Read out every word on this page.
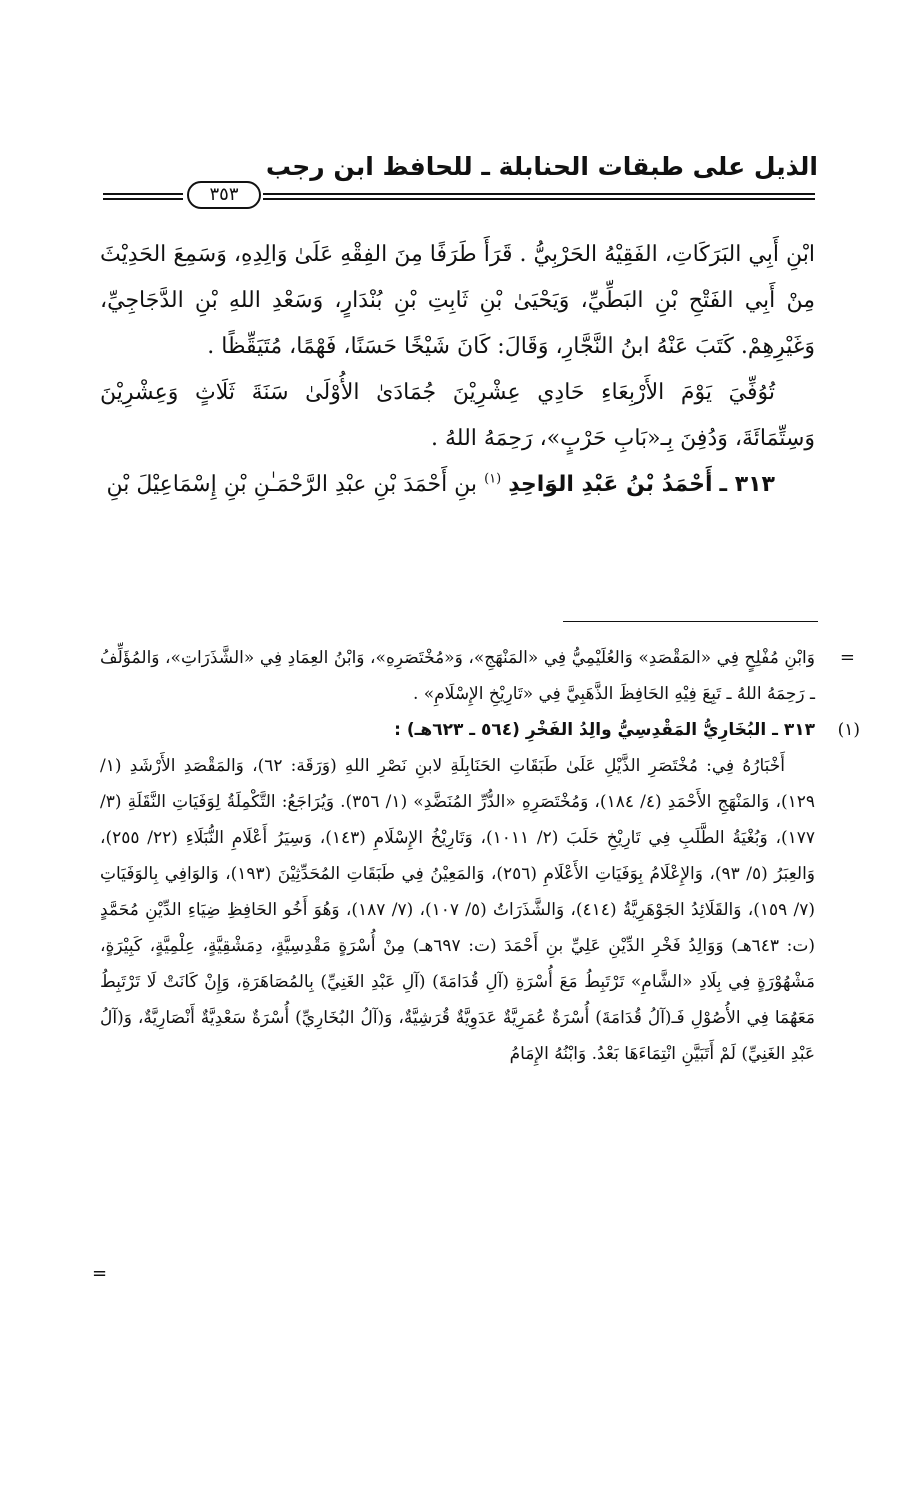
الذيل على طبقات الحنابلة ـ للحافظ ابن رجب
٣٥٣

ابْنِ أَبِي البَرَكَاتِ، الفَقِيْهُ الحَرْبِيُّ . قَرَأَ طَرَفًا مِنَ الفِقْهِ عَلَىٰ وَالِدِهِ، وَسَمِعَ الحَدِيْثَ مِنْ أَبِي الفَتْحِ بْنِ البَطِّيِّ، وَيَحْيَىٰ بْنِ ثَابِتِ بْنِ بُنْدَارٍ، وَسَعْدِ اللهِ بْنِ الدَّجَاجِيِّ، وَغَيْرِهِمْ. كَتَبَ عَنْهُ ابنُ النَّجَّارِ، وَقَالَ: كَانَ شَيْخًا حَسَنًا، فَهْمًا، مُتَيَقِّظًا .

تُوُفِّيَ يَوْمَ الأَرْبِعَاءِ حَادِي عِشْرِيْنَ جُمَادَىٰ الأُوْلَىٰ سَنَةَ ثَلَاثٍ وَعِشْرِيْنَ وَسِتِّمَائَةَ، وَدُفِنَ بِـ«بَابِ حَرْبٍ»، رَحِمَهُ اللهُ .

٣١٣ ـ أَحْمَدُ بْنُ عَبْدِ الوَاحِدِ $^{(١)}$ بنِ أَحْمَدَ بْنِ عبْدِ الرَّحْمَـٰنِ بْنِ إِسْمَاعِيْلَ بْنِ

=

وَابْنِ مُفْلِحٍ فِي «المَقْصَدِ» وَالعُلَيْمِيُّ فِي «المَنْهَجِ»، وَ«مُخْتَصَرِهِ»، وَابْنُ العِمَادِ فِي «الشَّذَرَاتِ»، وَالمُؤَلِّفُ ـ رَحِمَهُ اللهُ ـ تَبِعَ فِيْهِ الحَافِظَ الذَّهَبِيَّ فِي «تَارِيْخِ الإِسْلَامِ» .

(١)

٣١٣ ـ البُخَارِيُّ المَقْدِسِيُّ والِدُ الفَخْرِ (٥٦٤ ـ ٦٢٣هـ) :

أَخْبَارُهُ فِي: مُخْتَصَرِ الذَّيْلِ عَلَىٰ طَبَقَاتِ الحَنَابِلَةِ لابنِ نَصْرِ اللهِ (وَرَقَة: ٦٢)، وَالمَقْصَدِ الأَرْشَدِ (١/ ١٢٩)، وَالمَنْهَجِ الأَحْمَدِ (٤/ ١٨٤)، وَمُخْتَصَرِهِ «الدُّرِّ المُنَضَّدِ» (١/ ٣٥٦). وَيُرَاجَعُ: التَّكْمِلَةُ لِوَفَيَاتِ النَّقَلَةِ (٣/ ١٧٧)، وَبُغْيَةُ الطَّلَبِ فِي تَارِيْخِ حَلَبَ (٢/ ١٠١١)، وَتَارِيْخُ الإِسْلَامِ (١٤٣)، وَسِيَرُ أَعْلَامِ النُّبَلَاءِ (٢٢/ ٢٥٥)، وَالعِبَرُ (٥/ ٩٣)، وَالإِعْلَامُ بِوَفَيَاتِ الأَعْلَامِ (٢٥٦)، وَالمَعِيْنُ فِي طَبَقَاتِ المُحَدِّثِيْنَ (١٩٣)، وَالوَافِي بِالوَفَيَاتِ (٧/ ١٥٩)، وَالقَلَائِدُ الجَوْهَرِيَّةُ (٤١٤)، وَالشَّذَرَاتُ (٥/ ١٠٧)، (٧/ ١٨٧)، وَهُوَ أَخُو الحَافِظِ ضِيَاءِ الدِّيْنِ مُحَمَّدٍ (ت: ٦٤٣هـ) وَوَالِدُ فَخْرِ الدِّيْنِ عَلِيِّ بنِ أَحْمَدَ (ت: ٦٩٧هـ) مِنْ أُسْرَةٍ مَقْدِسِيَّةٍ، دِمَشْقِيَّةٍ، عِلْمِيَّةٍ، كَبِيْرَةٍ، مَشْهُوْرَةٍ فِي بِلَادِ «الشَّامِ» تَرْتَبِطُ مَعَ أُسْرَةِ (آلِ قُدَامَةَ) (آلِ عَبْدِ الغَنِيِّ) بِالمُصَاهَرَةِ، وَإِنْ كَانَتْ لَا تَرْتَبِطُ مَعَهُمَا فِي الأُصُوْلِ فَـ(آلُ قُدَامَةَ) أُسْرَةٌ عُمَرِيَّةٌ عَدَوِيَّةٌ قُرَشِيَّةٌ، وَ(آلُ البُخَارِيِّ) أُسْرَةٌ سَعْدِيَّةٌ أَنْصَارِيَّةٌ، وَ(آلُ عَبْدِ الغَنِيِّ) لَمْ أَتَبَيَّنِ انْتِمَاءَهَا بَعْدُ. وَابْنُهُ الإِمَامُ

=
